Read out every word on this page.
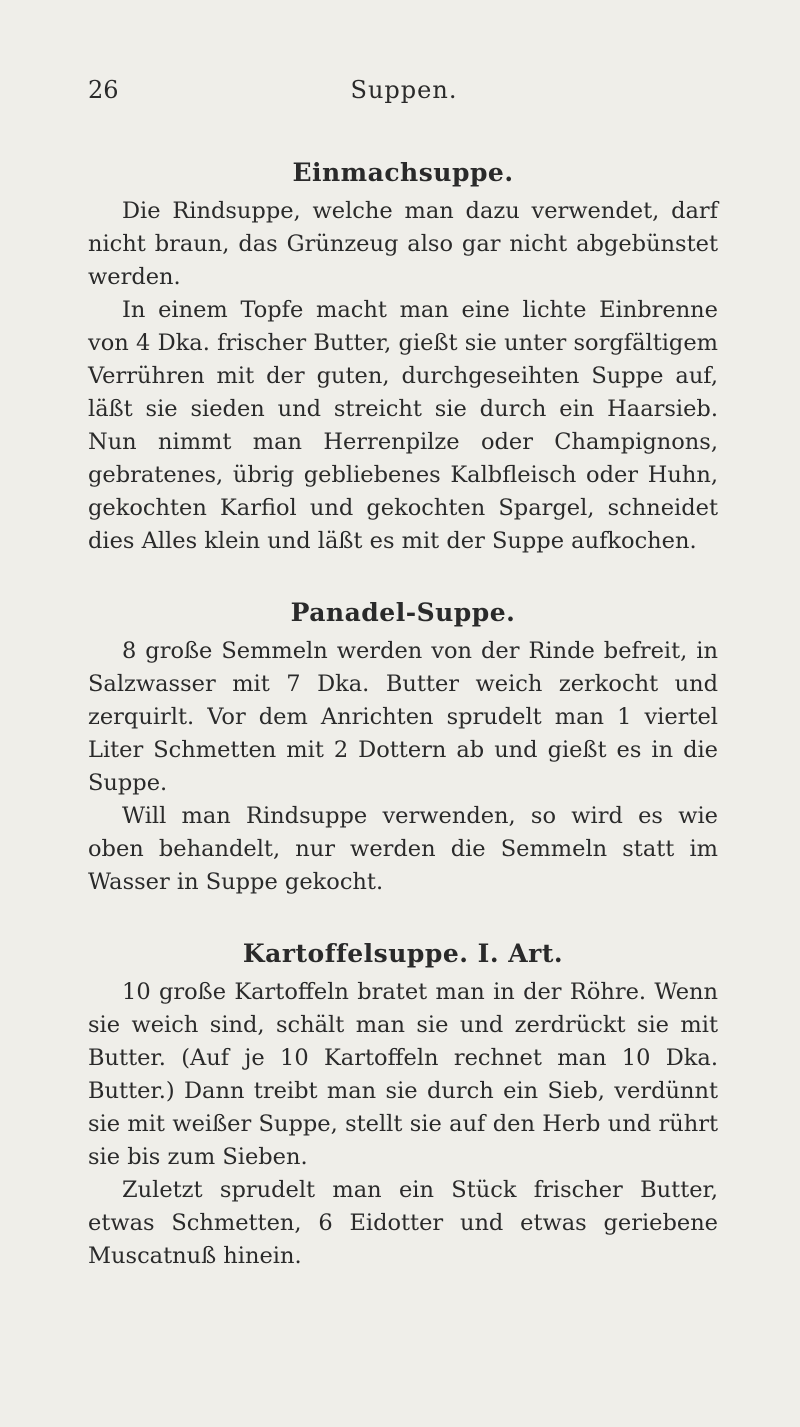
26	Suppen.
Einmachsuppe.

Die Rindsuppe, welche man dazu verwendet, darf nicht braun, das Grünzeug also gar nicht abgebünstet werden.

In einem Topfe macht man eine lichte Einbrenne von 4 Dka. frischer Butter, gießt sie unter sorgfältigem Verrühren mit der guten, durchgeseihten Suppe auf, läßt sie sieden und streicht sie durch ein Haarsieb. Nun nimmt man Herrenpilze oder Champignons, gebratenes, übrig gebliebenes Kalbfleisch oder Huhn, gekochten Karfiol und gekochten Spargel, schneidet dies Alles klein und läßt es mit der Suppe aufkochen.

Panadel-Suppe.

8 große Semmeln werden von der Rinde befreit, in Salzwasser mit 7 Dka. Butter weich zerkocht und zerquirlt. Vor dem Anrichten sprudelt man 1 viertel Liter Schmetten mit 2 Dottern ab und gießt es in die Suppe.

Will man Rindsuppe verwenden, so wird es wie oben behandelt, nur werden die Semmeln statt im Wasser in Suppe gekocht.

Kartoffelsuppe. I. Art.

10 große Kartoffeln bratet man in der Röhre. Wenn sie weich sind, schält man sie und zerdrückt sie mit Butter. (Auf je 10 Kartoffeln rechnet man 10 Dka. Butter.) Dann treibt man sie durch ein Sieb, verdünnt sie mit weißer Suppe, stellt sie auf den Herb und rührt sie bis zum Sieben.

Zuletzt sprudelt man ein Stück frischer Butter, etwas Schmetten, 6 Eidotter und etwas geriebene Muscatnuß hinein.
